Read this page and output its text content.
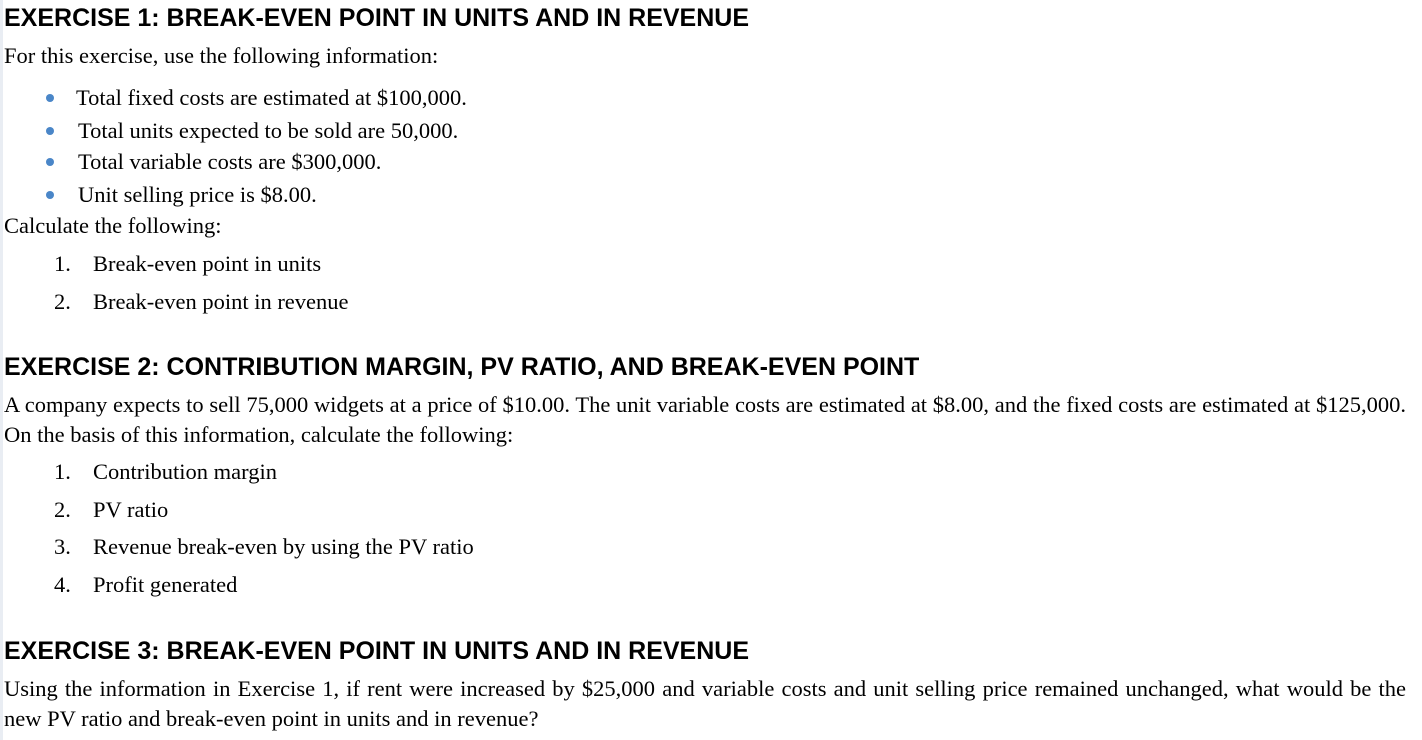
EXERCISE 1: BREAK-EVEN POINT IN UNITS AND IN REVENUE

For this exercise, use the following information:

Total fixed costs are estimated at $100,000.
Total units expected to be sold are 50,000.
Total variable costs are $300,000.
Unit selling price is $8.00.

Calculate the following:

1. Break-even point in units
2. Break-even point in revenue
EXERCISE 2: CONTRIBUTION MARGIN, PV RATIO, AND BREAK-EVEN POINT

A company expects to sell 75,000 widgets at a price of $10.00. The unit variable costs are estimated at $8.00, and the fixed costs are estimated at $125,000. On the basis of this information, calculate the following:

1. Contribution margin
2. PV ratio
3. Revenue break-even by using the PV ratio
4. Profit generated
EXERCISE 3: BREAK-EVEN POINT IN UNITS AND IN REVENUE

Using the information in Exercise 1, if rent were increased by $25,000 and variable costs and unit selling price remained unchanged, what would be the new PV ratio and break-even point in units and in revenue?
